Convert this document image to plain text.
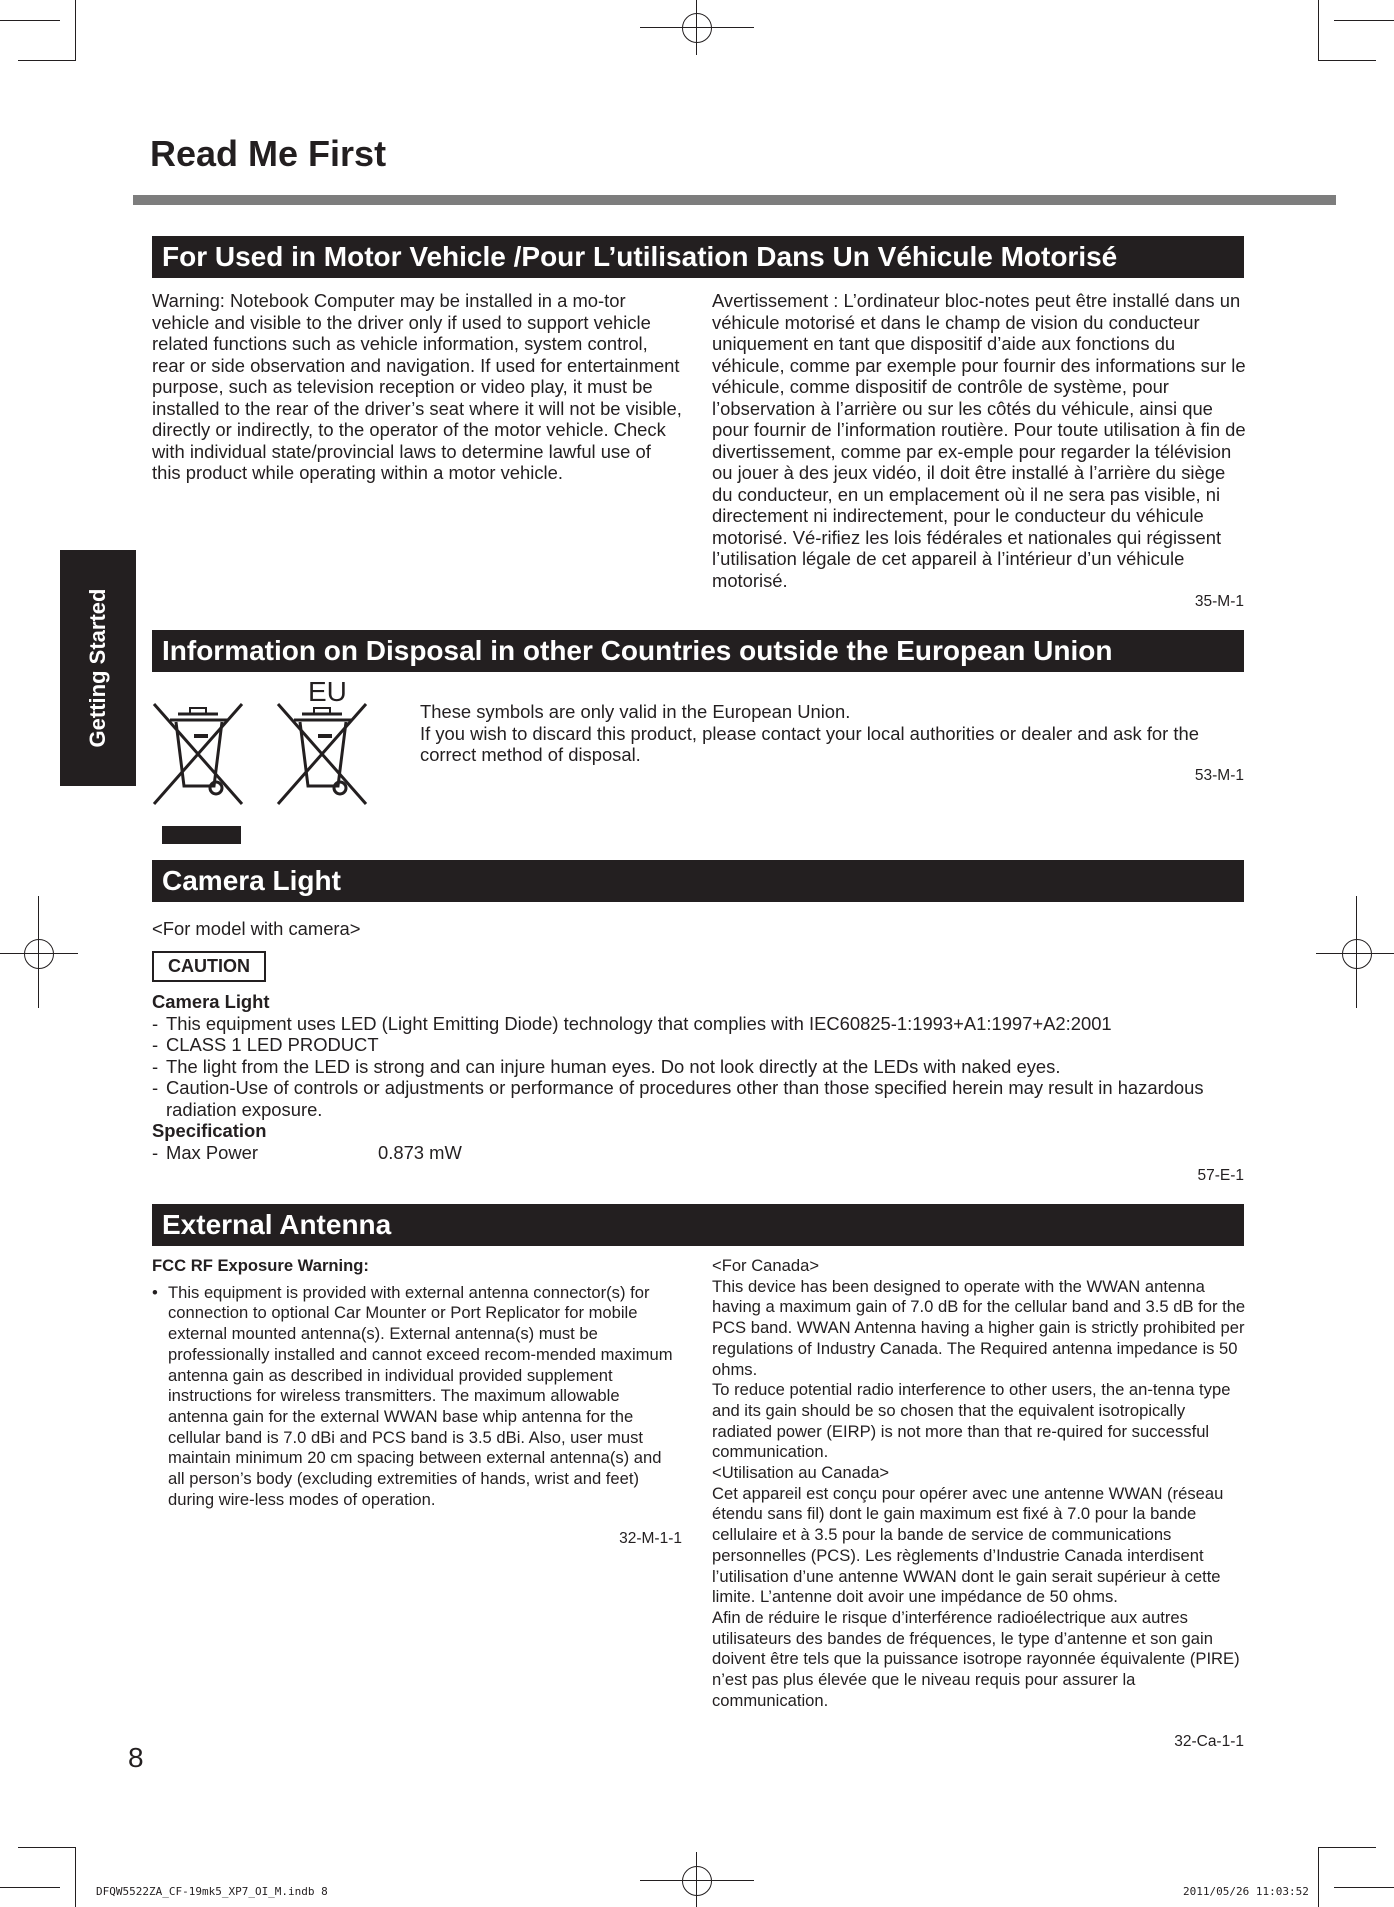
Read Me First
Getting Started
For Used in Motor Vehicle /Pour L’utilisation Dans Un Véhicule Motorisé
Warning: Notebook Computer may be installed in a mo-tor vehicle and visible to the driver only if used to support vehicle related functions such as vehicle information, system control, rear or side observation and navigation. If used for entertainment purpose, such as television reception or video play, it must be installed to the rear of the driver’s seat where it will not be visible, directly or indirectly, to the operator of the motor vehicle. Check with individual state/provincial laws to determine lawful use of this product while operating within a motor vehicle.
Avertissement : L’ordinateur bloc-notes peut être installé dans un véhicule motorisé et dans le champ de vision du conducteur uniquement en tant que dispositif d’aide aux fonctions du véhicule, comme par exemple pour fournir des informations sur le véhicule, comme dispositif de contrôle de système, pour l’observation à l’arrière ou sur les côtés du véhicule, ainsi que pour fournir de l’information routière. Pour toute utilisation à fin de divertissement, comme par ex-emple pour regarder la télévision ou jouer à des jeux vidéo, il doit être installé à l’arrière du siège du conducteur, en un emplacement où il ne sera pas visible, ni directement ni indirectement, pour le conducteur du véhicule motorisé. Vé-rifiez les lois fédérales et nationales qui régissent l’utilisation légale de cet appareil à l’intérieur d’un véhicule motorisé.
35-M-1
Information on Disposal in other Countries outside the European Union
EU

These symbols are only valid in the European Union.

If you wish to discard this product, please contact your local authorities or dealer and ask for the correct method of disposal.

53-M-1
Camera Light
<For model with camera>
CAUTION

Camera Light

- This equipment uses LED (Light Emitting Diode) technology that complies with IEC60825-1:1993+A1:1997+A2:2001
- CLASS 1 LED PRODUCT
- The light from the LED is strong and can injure human eyes. Do not look directly at the LEDs with naked eyes.
- Caution-Use of controls or adjustments or performance of procedures other than those specified herein may result in hazardous radiation exposure.

Specification

- Max Power	0.873 mW
57-E-1
External Antenna

FCC RF Exposure Warning:

• This equipment is provided with external antenna connector(s) for connection to optional Car Mounter or Port Replicator for mobile external mounted antenna(s). External antenna(s) must be professionally installed and cannot exceed recom-mended maximum antenna gain as described in individual provided supplement instructions for wireless transmitters. The maximum allowable antenna gain for the external WWAN base whip antenna for the cellular band is 7.0 dBi and PCS band is 3.5 dBi. Also, user must maintain minimum 20 cm spacing between external antenna(s) and all person’s body (excluding extremities of hands, wrist and feet) during wire-less modes of operation.
32-M-1-1

<For Canada>

This device has been designed to operate with the WWAN antenna having a maximum gain of 7.0 dB for the cellular band and 3.5 dB for the PCS band. WWAN Antenna having a higher gain is strictly prohibited per regulations of Industry Canada. The Required antenna impedance is 50 ohms.

To reduce potential radio interference to other users, the an-tenna type and its gain should be so chosen that the equivalent isotropically radiated power (EIRP) is not more than that re-quired for successful communication.

<Utilisation au Canada>

Cet appareil est conçu pour opérer avec une antenne WWAN (réseau étendu sans fil) dont le gain maximum est fixé à 7.0 pour la bande cellulaire et à 3.5 pour la bande de service de communications personnelles (PCS). Les règlements d’Industrie Canada interdisent l’utilisation d’une antenne WWAN dont le gain serait supérieur à cette limite. L’antenne doit avoir une impédance de 50 ohms.

Afin de réduire le risque d’interférence radioélectrique aux autres utilisateurs des bandes de fréquences, le type d’antenne et son gain doivent être tels que la puissance isotrope rayonnée équivalente (PIRE) n’est pas plus élevée que le niveau requis pour assurer la communication.

32-Ca-1-1
8
DFQW5522ZA_CF-19mk5_XP7_OI_M.indb 8	2011/05/26 11:03:52
